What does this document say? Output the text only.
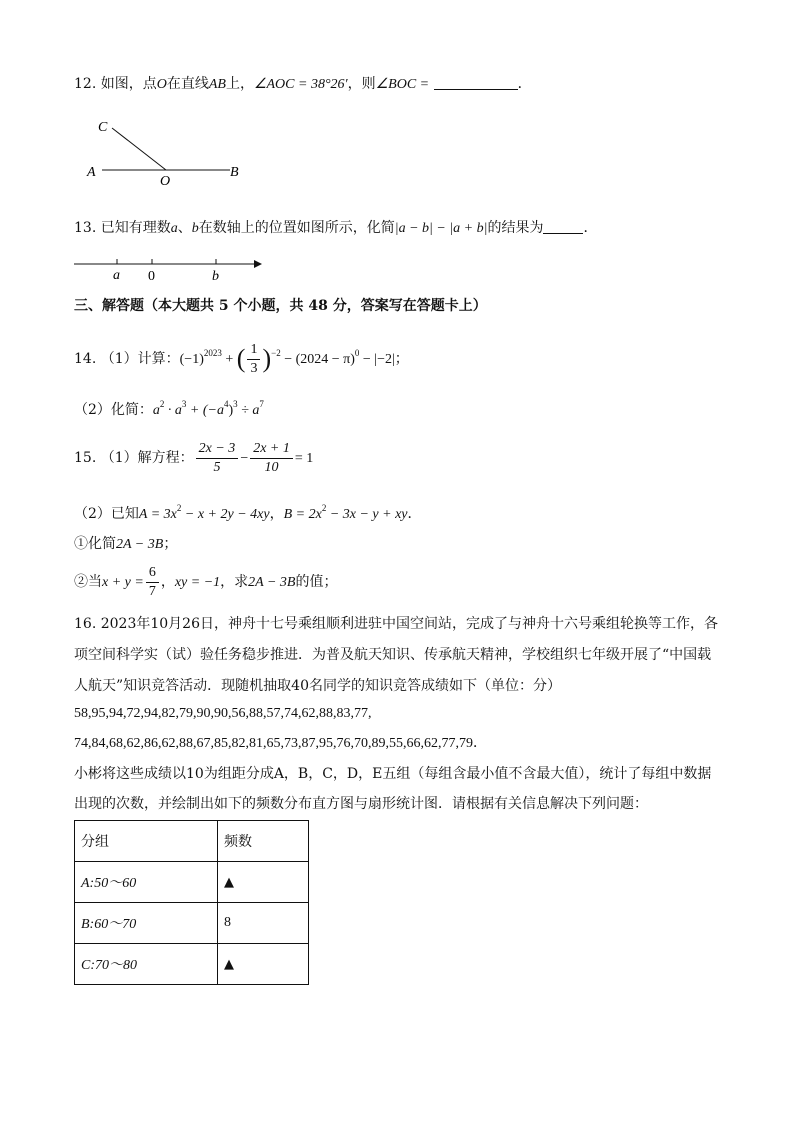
12. 如图，点O在直线AB上，∠AOC = 38°26′，则∠BOC =	．
C
A
O
B
13. 已知有理数a、b在数轴上的位置如图所示，化简|a − b| − |a + b|的结果为	．
a 0	b
三、解答题（本大题共 5 个小题，共 48 分，答案写在答题卡上）
14. （1）计算：$(-1)^{2023}$ + ( $\frac{1}{3} )^{-2} - (2024 - \pi)^0 - |-2|$；
（2）化简：$a^2 \cdot a^3 + (-a^4)^3 \div a^7$
15. （1）解方程： $\frac{2x - 3}{5} - \frac{2x + 1}{10} = 1$
（2）已知$A = 3x^2 - x + 2y - 4xy$，$B = 2x^2 - 3x - y$ + xy．
①化简2A − 3B；
②当$x + y = \frac{6}{7}$ ，xy = −1，求2A − 3B的值；
16. 2023年10月26日，神舟十七号乘组顺利进驻中国空间站，完成了与神舟十六号乘组轮换等工作，各
项空间科学实（试）验任务稳步推进．为普及航天知识、传承航天精神，学校组织七年级开展了“中国载
人航天”知识竞答活动．现随机抽取40名同学的知识竞答成绩如下（单位：分）
58,95,94,72,94,82,79,90,90,56,88,57,74,62,88,83,77,
74,84,68,62,86,62,88,67,85,82,81,65,73,87,95,76,70,89,55,66,62,77,79．
小彬将这些成绩以10为组距分成A，B，C，D，E五组（每组含最小值不含最大值），统计了每组中数据
出现的次数，并绘制出如下的频数分布直方图与扇形统计图．请根据有关信息解决下列问题：
分组	频数
A:50～60	▲
B:60～70	8
C:70～80	▲
